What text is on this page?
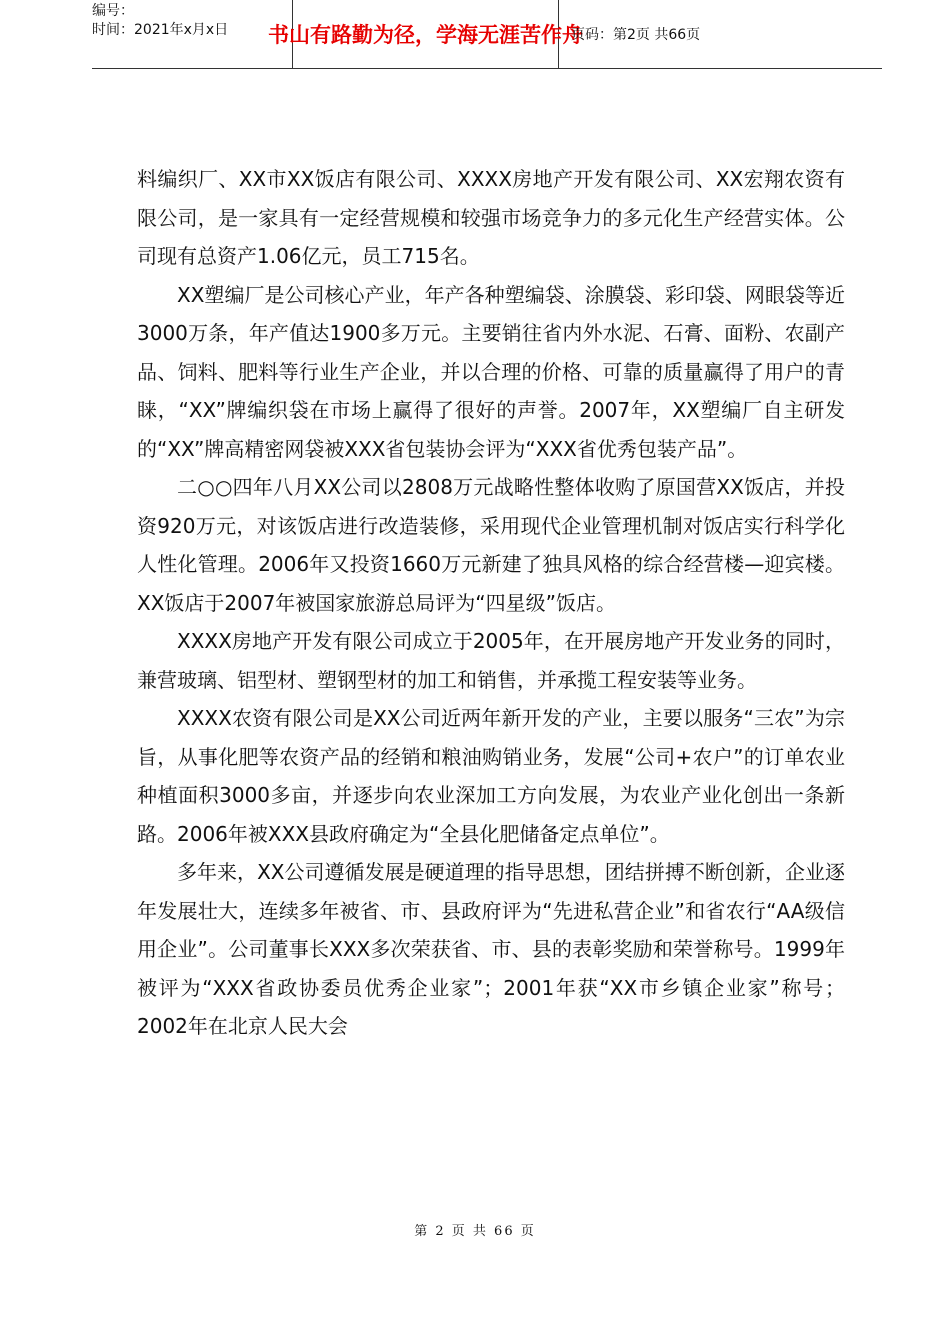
编号：
时间：2021年x月x日	书山有路勤为径，学海无涯苦作舟
页码：第2页 共66页

料编织厂、XX市XX饭店有限公司、XXXX房地产开发有限公司、XX宏翔农资有限公司，是一家具有一定经营规模和较强市场竞争力的多元化生产经营实体。公司现有总资产1.06亿元，员工715名。

XX塑编厂是公司核心产业，年产各种塑编袋、涂膜袋、彩印袋、网眼袋等近3000万条，年产值达1900多万元。主要销往省内外水泥、石膏、面粉、农副产品、饲料、肥料等行业生产企业，并以合理的价格、可靠的质量赢得了用户的青睐，“XX”牌编织袋在市场上赢得了很好的声誉。2007年，XX塑编厂自主研发的“XX”牌高精密网袋被XXX省包装协会评为“XXX省优秀包装产品”。

二○○四年八月XX公司以2808万元战略性整体收购了原国营XX饭店，并投资920万元，对该饭店进行改造装修，采用现代企业管理机制对饭店实行科学化人性化管理。2006年又投资1660万元新建了独具风格的综合经营楼—迎宾楼。XX饭店于2007年被国家旅游总局评为“四星级”饭店。

XXXX房地产开发有限公司成立于2005年，在开展房地产开发业务的同时，兼营玻璃、铝型材、塑钢型材的加工和销售，并承揽工程安装等业务。

XXXX农资有限公司是XX公司近两年新开发的产业，主要以服务“三农”为宗旨，从事化肥等农资产品的经销和粮油购销业务，发展“公司+农户”的订单农业种植面积3000多亩，并逐步向农业深加工方向发展，为农业产业化创出一条新路。2006年被XXX县政府确定为“全县化肥储备定点单位”。

多年来，XX公司遵循发展是硬道理的指导思想，团结拼搏不断创新，企业逐年发展壮大，连续多年被省、市、县政府评为“先进私营企业”和省农行“AA级信用企业”。公司董事长XXX多次荣获省、市、县的表彰奖励和荣誉称号。1999年被评为“XXX省政协委员优秀企业家”；2001年获“XX市乡镇企业家”称号；2002年在北京人民大会

第 2 页 共 66 页
